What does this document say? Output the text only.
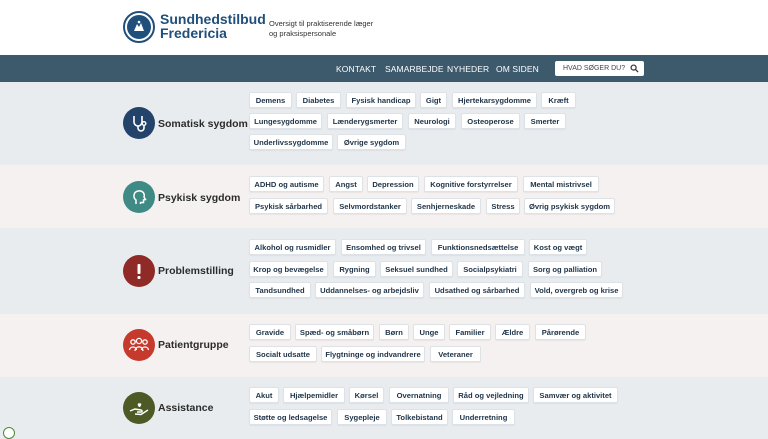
Sundhedstilbud
Fredericia
Oversigt til praktiserende læger
og praksispersonale
KONTAKT SAMARBEJDE NYHEDER OM SIDEN	HVAD SØGER DU?
Somatisk sygdom
Psykisk sygdom
Problemstilling
Patientgruppe
Assistance
Demens	Diabetes	Fysisk handicap	Gigt	Hjertekarsygdomme	Kræft
Lungesygdomme	Lænderygsmerter	Neurologi	Osteoperose	Smerter
Underlivssygdomme	Øvrige sygdom
ADHD og autisme	Angst	Depression	Kognitive forstyrrelser	Mental mistrivsel
Psykisk sårbarhed	Selvmordstanker	Senhjerneskade	Stress	Øvrig psykisk sygdom
Alkohol og rusmidler	Ensomhed og trivsel	Funktionsnedsættelse	Kost og vægt
Krop og bevægelse	Rygning	Seksuel sundhed	Socialpsykiatri	Sorg og palliation
Tandsundhed	Uddannelses- og arbejdsliv	Udsathed og sårbarhed	Vold, overgreb og krise
Gravide	Spæd- og småbørn	Børn	Unge	Familier	Ældre	Pårørende
Socialt udsatte	Flygtninge og indvandrere	Veteraner
Akut	Hjælpemidler	Kørsel	Overnatning	Råd og vejledning	Samvær og aktivitet
Støtte og ledsagelse	Sygepleje	Tolkebistand	Underretning
